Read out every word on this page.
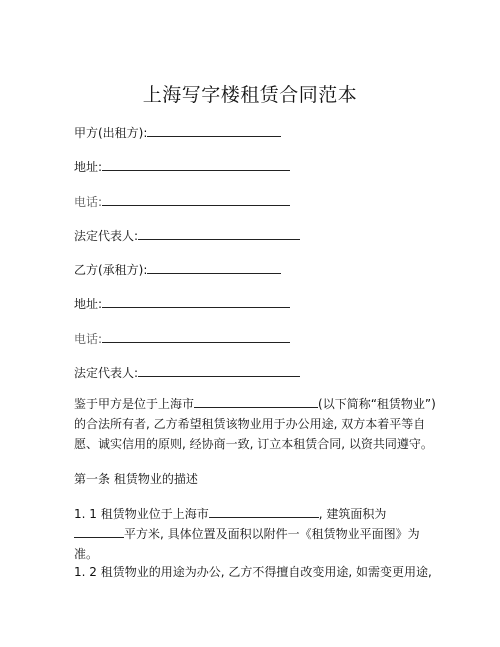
上海写字楼租赁合同范本
甲方(出租方):
地址:
电话:
法定代表人:
乙方(承租方):
地址:
电话:
法定代表人:
鉴于甲方是位于上海市	(以下简称“租赁物业”)的合法所有者, 乙方希望租赁该物业用于办公用途, 双方本着平等自愿、诚实信用的原则, 经协商一致, 订立本租赁合同, 以资共同遵守。
第一条 租赁物业的描述
1. 1 租赁物业位于上海市	, 建筑面积为
平方米, 具体位置及面积以附件一《租赁物业平面图》为准。
1. 2 租赁物业的用途为办公, 乙方不得擅自改变用途, 如需变更用途,
